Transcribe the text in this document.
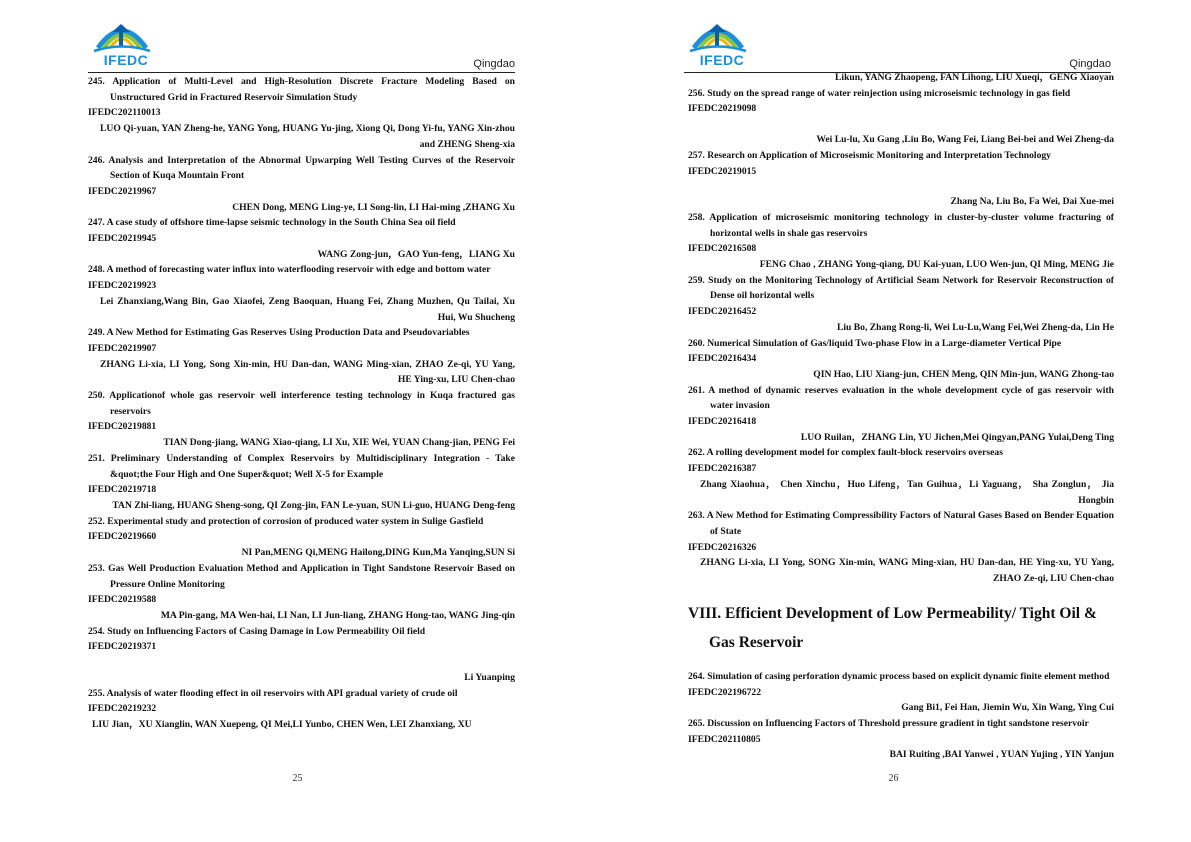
IFEDC	Qingdao
245. Application of Multi-Level and High-Resolution Discrete Fracture Modeling Based on Unstructured Grid in Fractured Reservoir Simulation Study
IFEDC202110013
LUO Qi-yuan, YAN Zheng-he, YANG Yong, HUANG Yu-jing, Xiong Qi, Dong Yi-fu, YANG Xin-zhou and ZHENG Sheng-xia
246. Analysis and Interpretation of the Abnormal Upwarping Well Testing Curves of the Reservoir Section of Kuqa Mountain Front
IFEDC20219967
CHEN Dong, MENG Ling-ye, LI Song-lin, LI Hai-ming ,ZHANG Xu
247. A case study of offshore time-lapse seismic technology in the South China Sea oil field
IFEDC20219945
WANG Zong-jun，GAO Yun-feng，LIANG Xu
248. A method of forecasting water influx into waterflooding reservoir with edge and bottom water
IFEDC20219923
Lei Zhanxiang,Wang Bin, Gao Xiaofei, Zeng Baoquan, Huang Fei, Zhang Muzhen, Qu Tailai, Xu Hui, Wu Shucheng
249. A New Method for Estimating Gas Reserves Using Production Data and Pseudovariables
IFEDC20219907
ZHANG Li-xia, LI Yong, Song Xin-min, HU Dan-dan, WANG Ming-xian, ZHAO Ze-qi, YU Yang, HE Ying-xu, LIU Chen-chao
250. Applicationof whole gas reservoir well interference testing technology in Kuqa fractured gas reservoirs
IFEDC20219881
TIAN Dong-jiang, WANG Xiao-qiang, LI Xu, XIE Wei, YUAN Chang-jian, PENG Fei
251. Preliminary Understanding of Complex Reservoirs by Multidisciplinary Integration - Take &quot;the Four High and One Super&quot; Well X-5 for Example
IFEDC20219718
TAN Zhi-liang, HUANG Sheng-song, QI Zong-jin, FAN Le-yuan, SUN Li-guo, HUANG Deng-feng
252. Experimental study and protection of corrosion of produced water system in Sulige Gasfield
IFEDC20219660
NI Pan,MENG Qi,MENG Hailong,DING Kun,Ma Yanqing,SUN Si
253. Gas Well Production Evaluation Method and Application in Tight Sandstone Reservoir Based on Pressure Online Monitoring
IFEDC20219588
MA Pin-gang, MA Wen-hai, LI Nan, LI Jun-liang, ZHANG Hong-tao, WANG Jing-qin
254. Study on Influencing Factors of Casing Damage in Low Permeability Oil field
IFEDC20219371
Li Yuanping
255. Analysis of water flooding effect in oil reservoirs with API gradual variety of crude oil
IFEDC20219232
LIU Jian，XU Xianglin, WAN Xuepeng, QI Mei,LI Yunbo, CHEN Wen, LEI Zhanxiang, XU
25
IFEDC	Qingdao
Likun, YANG Zhaopeng, FAN Lihong, LIU Xueqi，GENG Xiaoyan
256. Study on the spread range of water reinjection using microseismic technology in gas field
IFEDC20219098
Wei Lu-lu, Xu Gang ,Liu Bo, Wang Fei, Liang Bei-bei and Wei Zheng-da
257. Research on Application of Microseismic Monitoring and Interpretation Technology
IFEDC20219015
Zhang Na, Liu Bo, Fa Wei, Dai Xue-mei
258. Application of microseismic monitoring technology in cluster-by-cluster volume fracturing of horizontal wells in shale gas reservoirs
IFEDC20216508
FENG Chao , ZHANG Yong-qiang, DU Kai-yuan, LUO Wen-jun, QI Ming, MENG Jie
259. Study on the Monitoring Technology of Artificial Seam Network for Reservoir Reconstruction of Dense oil horizontal wells
IFEDC20216452
Liu Bo, Zhang Rong-li, Wei Lu-Lu,Wang Fei,Wei Zheng-da, Lin He
260. Numerical Simulation of Gas/liquid Two-phase Flow in a Large-diameter Vertical Pipe
IFEDC20216434
QIN Hao, LIU Xiang-jun, CHEN Meng, QIN Min-jun, WANG Zhong-tao
261. A method of dynamic reserves evaluation in the whole development cycle of gas reservoir with water invasion
IFEDC20216418
LUO Ruilan，ZHANG Lin, YU Jichen,Mei Qingyan,PANG Yulai,Deng Ting
262. A rolling development model for complex fault-block reservoirs overseas
IFEDC20216387
Zhang Xiaohua， Chen Xinchu，Huo Lifeng，Tan Guihua，Li Yaguang， Sha Zonglun， Jia Hongbin
263. A New Method for Estimating Compressibility Factors of Natural Gases Based on Bender Equation of State
IFEDC20216326
ZHANG Li-xia, LI Yong, SONG Xin-min, WANG Ming-xian, HU Dan-dan, HE Ying-xu, YU Yang, ZHAO Ze-qi, LIU Chen-chao
VIII. Efficient Development of Low Permeability/ Tight Oil &
Gas Reservoir
264. Simulation of casing perforation dynamic process based on explicit dynamic finite element method
IFEDC202196722
Gang Bi1, Fei Han, Jiemin Wu, Xin Wang, Ying Cui
265. Discussion on Influencing Factors of Threshold pressure gradient in tight sandstone reservoir
IFEDC202110805
BAI Ruiting ,BAI Yanwei , YUAN Yujing , YIN Yanjun
26
